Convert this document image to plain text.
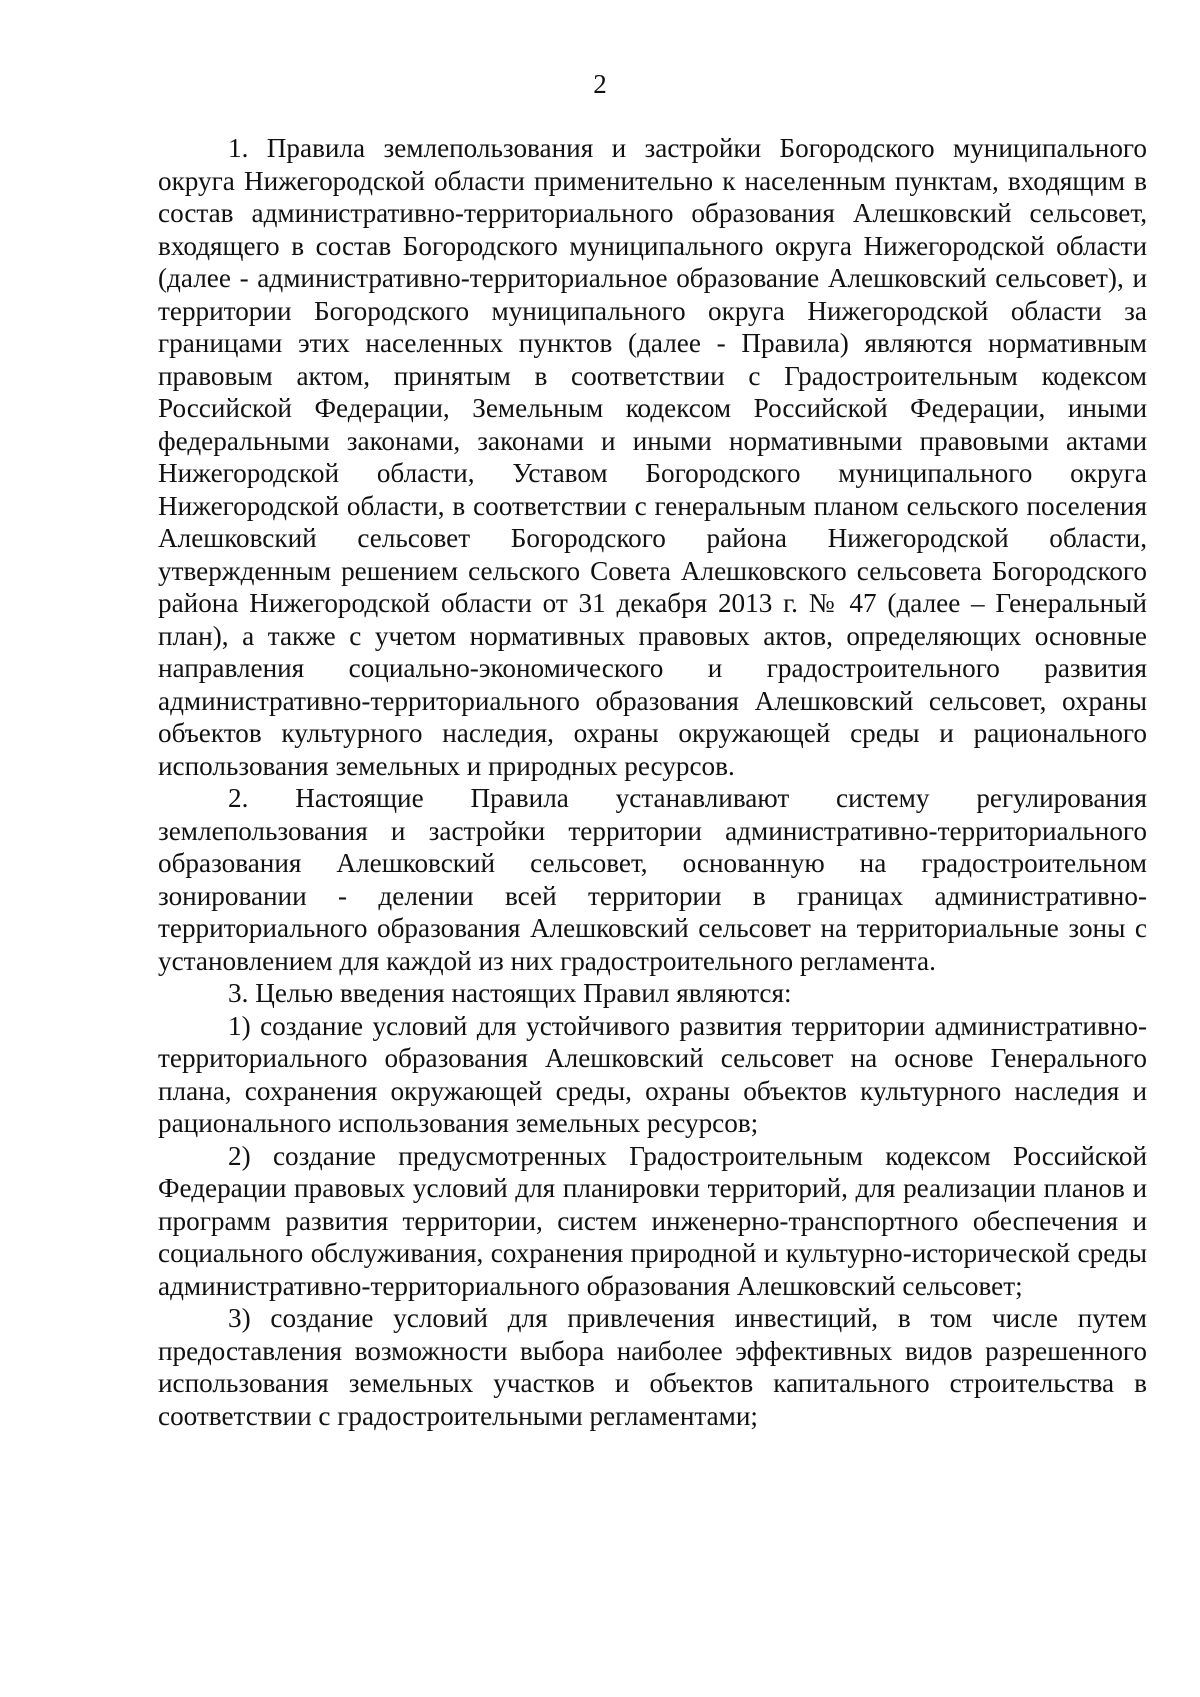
2

1. Правила землепользования и застройки Богородского муниципального округа Нижегородской области применительно к населенным пунктам, входящим в состав административно-территориального образования Алешковский сельсовет, входящего в состав Богородского муниципального округа Нижегородской области (далее - административно-территориальное образование Алешковский сельсовет), и территории Богородского муниципального округа Нижегородской области за границами этих населенных пунктов (далее - Правила) являются нормативным правовым актом, принятым в соответствии с Градостроительным кодексом Российской Федерации, Земельным кодексом Российской Федерации, иными федеральными законами, законами и иными нормативными правовыми актами Нижегородской области, Уставом Богородского муниципального округа Нижегородской области, в соответствии с генеральным планом сельского поселения Алешковский сельсовет Богородского района Нижегородской области, утвержденным решением сельского Совета Алешковского сельсовета Богородского района Нижегородской области от 31 декабря 2013 г. № 47 (далее – Генеральный план), а также с учетом нормативных правовых актов, определяющих основные направления социально-экономического и градостроительного развития административно-территориального образования Алешковский сельсовет, охраны объектов культурного наследия, охраны окружающей среды и рационального использования земельных и природных ресурсов.

2. Настоящие Правила устанавливают систему регулирования землепользования и застройки территории административно-территориального образования Алешковский сельсовет, основанную на градостроительном зонировании - делении всей территории в границах административно-территориального образования Алешковский сельсовет на территориальные зоны с установлением для каждой из них градостроительного регламента.

3. Целью введения настоящих Правил являются:

1) создание условий для устойчивого развития территории административно-территориального образования Алешковский сельсовет на основе Генерального плана, сохранения окружающей среды, охраны объектов культурного наследия и рационального использования земельных ресурсов;

2) создание предусмотренных Градостроительным кодексом Российской Федерации правовых условий для планировки территорий, для реализации планов и программ развития территории, систем инженерно-транспортного обеспечения и социального обслуживания, сохранения природной и культурно-исторической среды административно-территориального образования Алешковский сельсовет;

3) создание условий для привлечения инвестиций, в том числе путем предоставления возможности выбора наиболее эффективных видов разрешенного использования земельных участков и объектов капитального строительства в соответствии с градостроительными регламентами;
